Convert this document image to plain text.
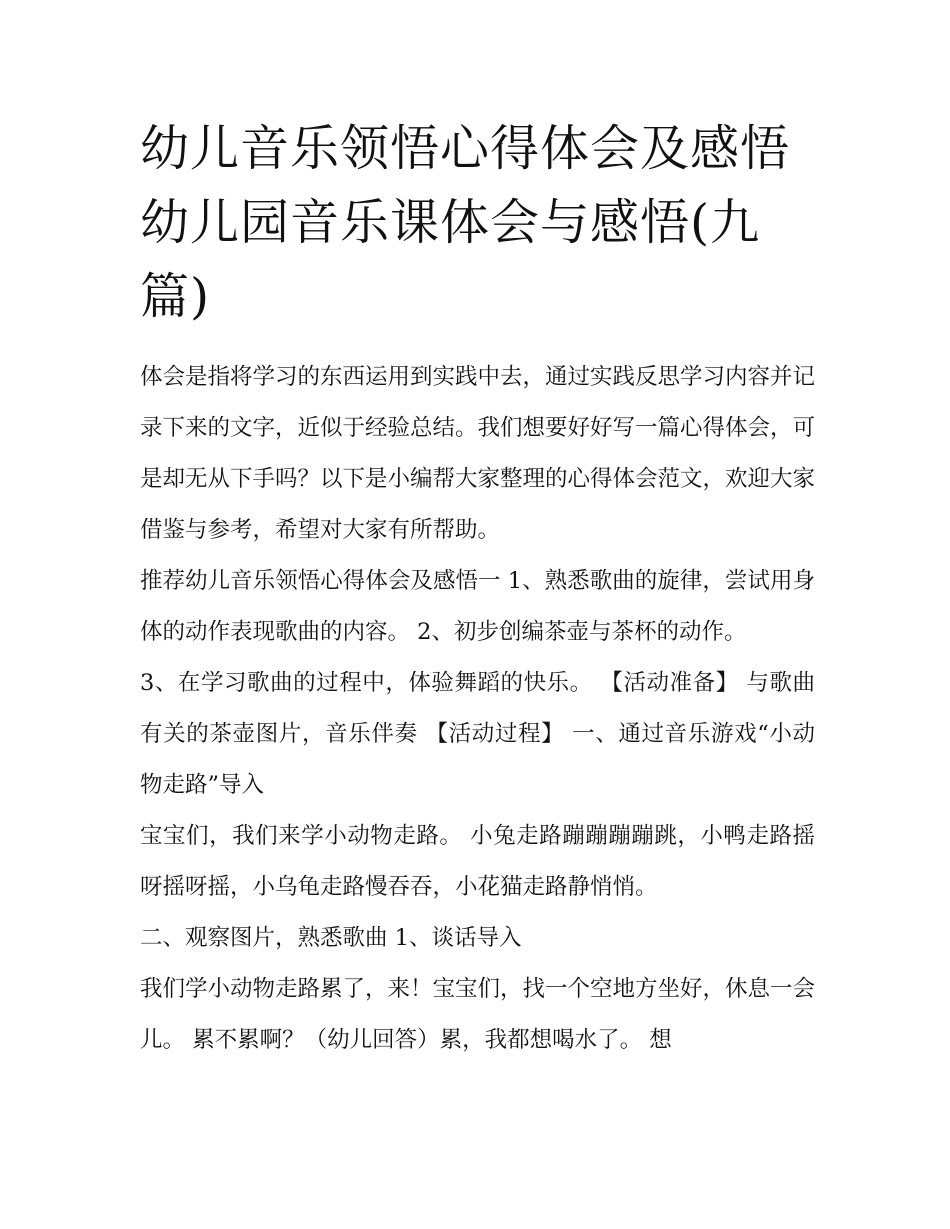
幼儿音乐领悟心得体会及感悟幼儿园音乐课体会与感悟(九篇)

体会是指将学习的东西运用到实践中去，通过实践反思学习内容并记录下来的文字，近似于经验总结。我们想要好好写一篇心得体会，可是却无从下手吗？以下是小编帮大家整理的心得体会范文，欢迎大家借鉴与参考，希望对大家有所帮助。

推荐幼儿音乐领悟心得体会及感悟一 1、熟悉歌曲的旋律，尝试用身体的动作表现歌曲的内容。 2、初步创编茶壶与茶杯的动作。

3、在学习歌曲的过程中，体验舞蹈的快乐。 【活动准备】 与歌曲有关的茶壶图片，音乐伴奏 【活动过程】 一、通过音乐游戏“小动物走路”导入

宝宝们，我们来学小动物走路。 小兔走路蹦蹦蹦蹦跳，小鸭走路摇呀摇呀摇，小乌龟走路慢吞吞，小花猫走路静悄悄。

二、观察图片，熟悉歌曲 1、谈话导入

我们学小动物走路累了，来！宝宝们，找一个空地方坐好，休息一会儿。 累不累啊？（幼儿回答）累，我都想喝水了。 想
